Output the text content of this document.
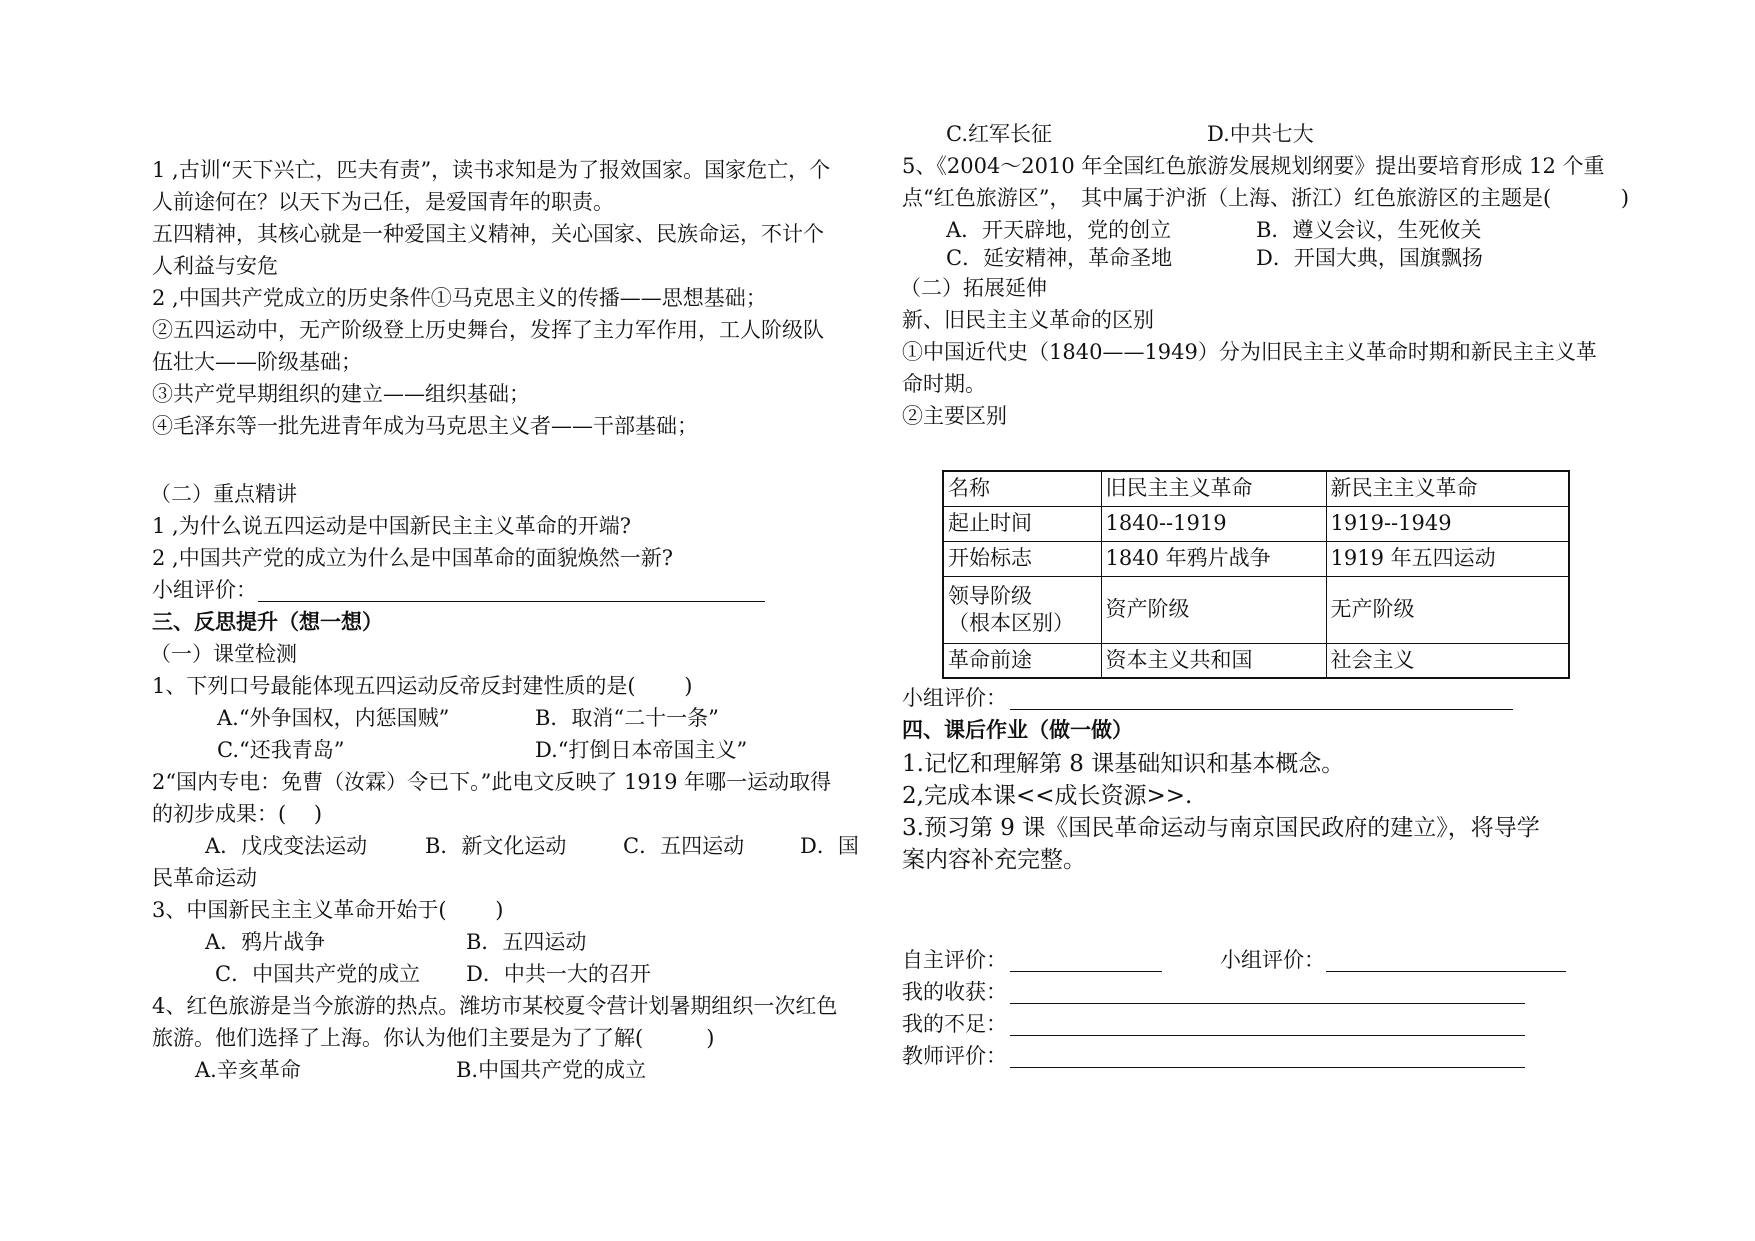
1 ,古训“天下兴亡，匹夫有责”，读书求知是为了报效国家。国家危亡，个
人前途何在？以天下为己任，是爱国青年的职责。
五四精神，其核心就是一种爱国主义精神，关心国家、民族命运，不计个
人利益与安危
2 ,中国共产党成立的历史条件①马克思主义的传播——思想基础；
②五四运动中，无产阶级登上历史舞台，发挥了主力军作用，工人阶级队
伍壮大——阶级基础；
③共产党早期组织的建立——组织基础；
④毛泽东等一批先进青年成为马克思主义者——干部基础；
（二）重点精讲
1 ,为什么说五四运动是中国新民主主义革命的开端?
2 ,中国共产党的成立为什么是中国革命的面貌焕然一新?
小组评价：
三、反思提升（想一想）
（一）课堂检测
1、下列口号最能体现五四运动反帝反封建性质的是(　　 )
A.“外争国权，内惩国贼”	B．取消“二十一条”
C.“还我青岛”	D.“打倒日本帝国主义”
2“国内专电：免曹（汝霖）令已下。”此电文反映了 1919 年哪一运动取得
的初步成果：(　 )
A．戊戌变法运动	B．新文化运动	C．五四运动	D．国
民革命运动
3、中国新民主主义革命开始于(　　 )
A．鸦片战争	B．五四运动
C．中国共产党的成立 D．中共一大的召开
4、红色旅游是当今旅游的热点。潍坊市某校夏令营计划暑期组织一次红色
旅游。他们选择了上海。你认为他们主要是为了了解(　　　)
A.辛亥革命	B.中国共产党的成立
C.红军长征	D.中共七大
5、《2004～2010 年全国红色旅游发展规划纲要》提出要培育形成 12 个重
点“红色旅游区”，　其中属于沪浙（上海、浙江）红色旅游区的主题是(　　　 )
A．开天辟地，党的创立	B．遵义会议，生死攸关
C．延安精神，革命圣地	D．开国大典，国旗飘扬
（二）拓展延伸
新、旧民主主义革命的区别
①中国近代史（1840——1949）分为旧民主主义革命时期和新民主主义革
命时期。
②主要区别
名称	旧民主主义革命	新民主主义革命
起止时间	1840--1919	1919--1949
开始标志	1840 年鸦片战争	1919 年五四运动

领导阶级
（根本区别）	资产阶级	无产阶级
革命前途	资本主义共和国	社会主义
小组评价：
四、课后作业（做一做）
1.记忆和理解第 8 课基础知识和基本概念。
2,完成本课<<成长资源>>.
3.预习第 9 课《国民革命运动与南京国民政府的建立》，将导学
案内容补充完整。
自主评价：	小组评价：
我的收获：
我的不足：
教师评价：
